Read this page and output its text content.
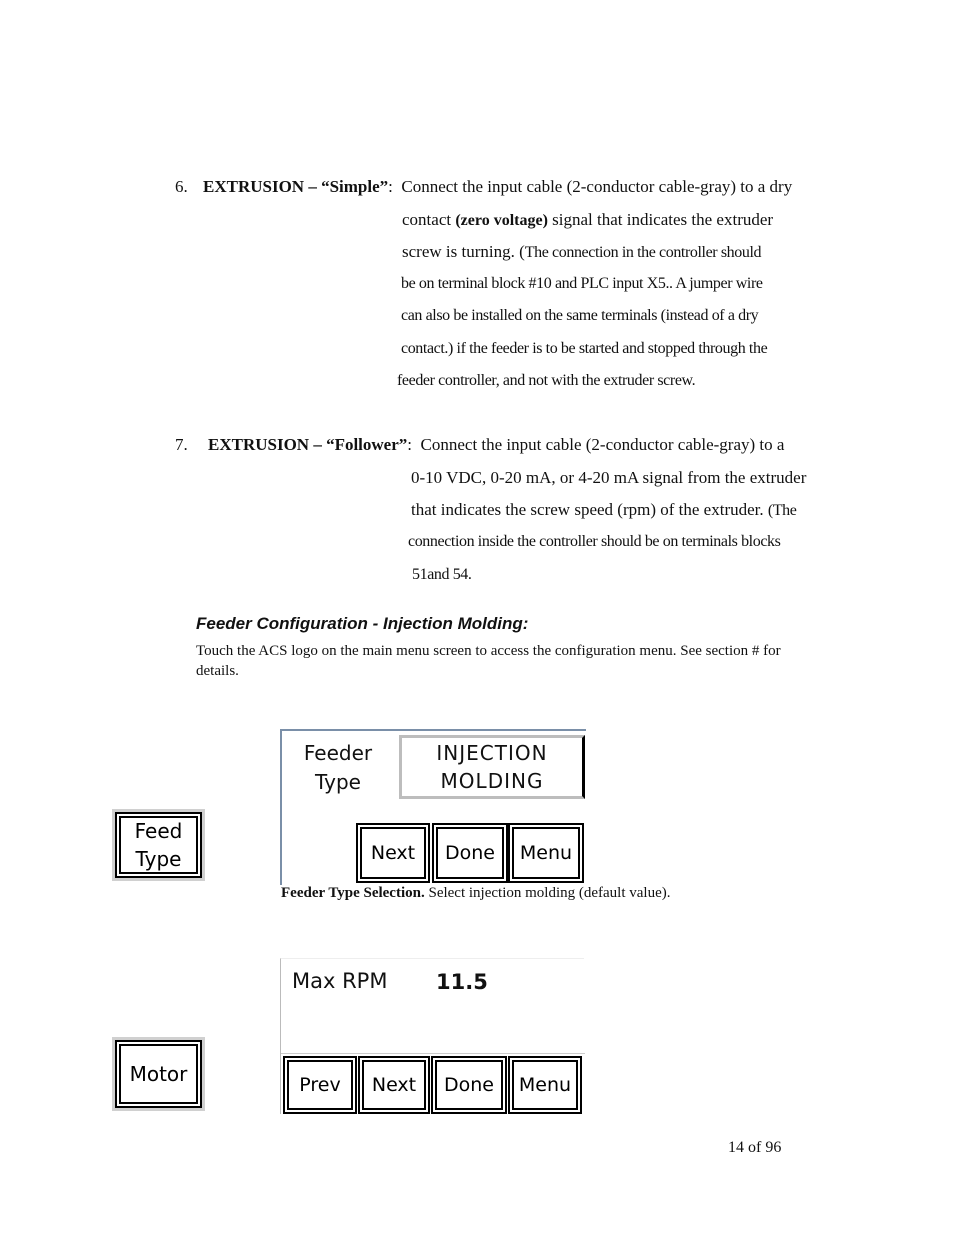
6. EXTRUSION – “Simple”: Connect the input cable (2-conductor cable-gray) to a dry
contact (zero voltage) signal that indicates the extruder
screw is turning. (The connection in the controller should
be on terminal block #10 and PLC input X5.. A jumper wire
can also be installed on the same terminals (instead of a dry
contact.) if the feeder is to be started and stopped through the
feeder controller, and not with the extruder screw.
7. EXTRUSION – “Follower”: Connect the input cable (2-conductor cable-gray) to a
0-10 VDC, 0-20 mA, or 4-20 mA signal from the extruder
that indicates the screw speed (rpm) of the extruder. (The
connection inside the controller should be on terminals blocks
51and 54.
Feeder Configuration - Injection Molding:
Touch the ACS logo on the main menu screen to access the configuration menu. See section # for
details.
Feed
Type
Feeder
Type
INJECTION
MOLDING
Next	Done	Menu
Feeder Type Selection. Select injection molding (default value).
Motor
Max RPM 11.5
Prev	Next	Done	Menu
14 of 96
